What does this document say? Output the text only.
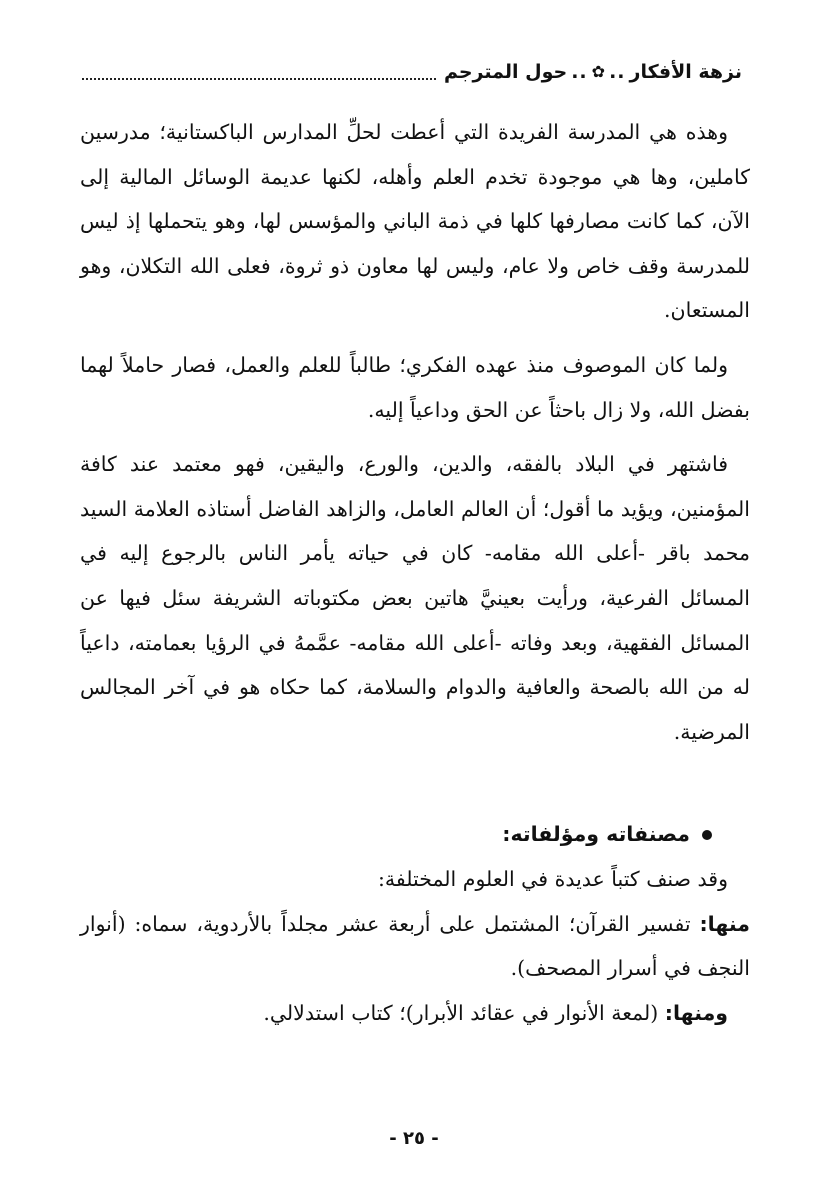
نزهة الأفكار
..
✿
..
حول المترجم

وهذه هي المدرسة الفريدة التي أعطت لحلِّ المدارس الباكستانية؛ مدرسين كاملين، وها هي موجودة تخدم العلم وأهله، لكنها عديمة الوسائل المالية إلى الآن، كما كانت مصارفها كلها في ذمة الباني والمؤسس لها، وهو يتحملها إذ ليس للمدرسة وقف خاص ولا عام، وليس لها معاون ذو ثروة، فعلى الله التكلان، وهو المستعان.

ولما كان الموصوف منذ عهده الفكري؛ طالباً للعلم والعمل، فصار حاملاً لهما بفضل الله، ولا زال باحثاً عن الحق وداعياً إليه.

فاشتهر في البلاد بالفقه، والدين، والورع، واليقين، فهو معتمد عند كافة المؤمنين، ويؤيد ما أقول؛ أن العالم العامل، والزاهد الفاضل أستاذه العلامة السيد محمد باقر -أعلى الله مقامه- كان في حياته يأمر الناس بالرجوع إليه في المسائل الفرعية، ورأيت بعينيَّ هاتين بعض مكتوباته الشريفة سئل فيها عن المسائل الفقهية، وبعد وفاته -أعلى الله مقامه- عمَّمهُ في الرؤيا بعمامته، داعياً له من الله بالصحة والعافية والدوام والسلامة، كما حكاه هو في آخر المجالس المرضية.

مصنفاته ومؤلفاته:

وقد صنف كتباً عديدة في العلوم المختلفة:

منها: تفسير القرآن؛ المشتمل على أربعة عشر مجلداً بالأردوية، سماه: (أنوار النجف في أسرار المصحف).

ومنها: (لمعة الأنوار في عقائد الأبرار)؛ كتاب استدلالي.

- ٢٥ -
